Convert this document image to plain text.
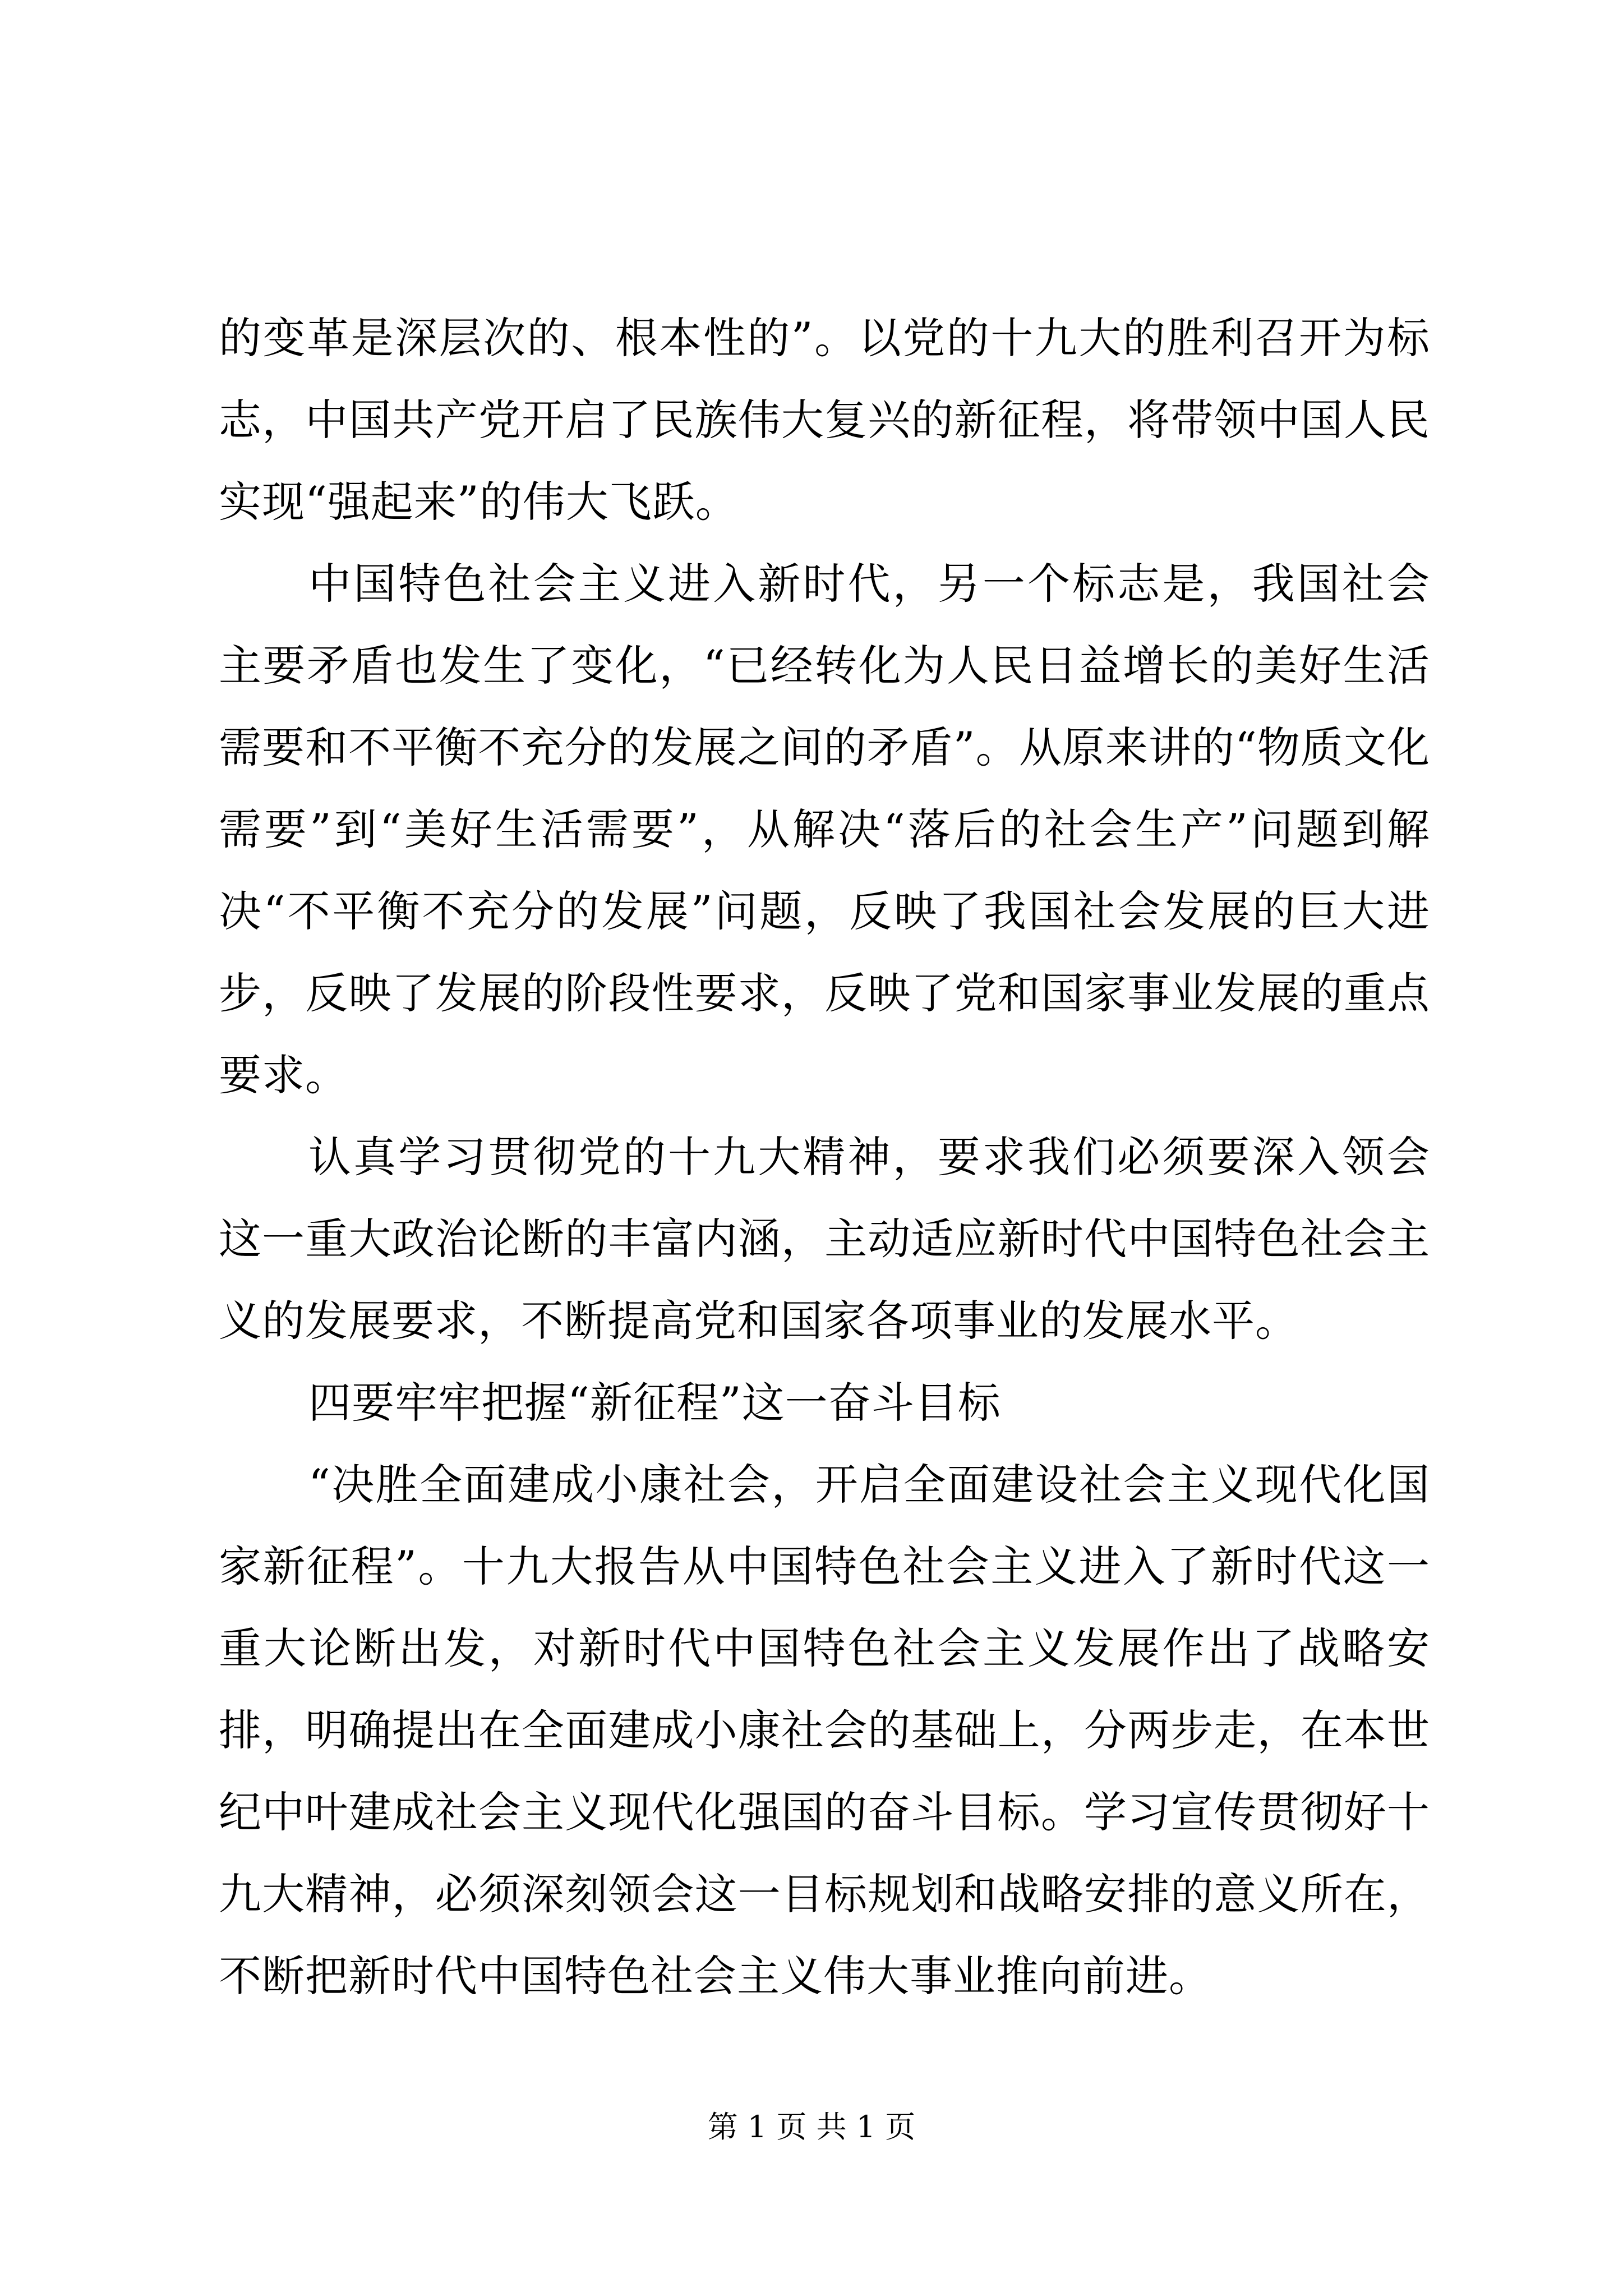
的变革是深层次的、根本性的”。以党的十九大的胜利召开为标志，中国共产党开启了民族伟大复兴的新征程，将带领中国人民实现“强起来”的伟大飞跃。

中国特色社会主义进入新时代，另一个标志是，我国社会主要矛盾也发生了变化，“已经转化为人民日益增长的美好生活需要和不平衡不充分的发展之间的矛盾”。从原来讲的“物质文化需要”到“美好生活需要”，从解决“落后的社会生产”问题到解决“不平衡不充分的发展”问题，反映了我国社会发展的巨大进步，反映了发展的阶段性要求，反映了党和国家事业发展的重点要求。

认真学习贯彻党的十九大精神，要求我们必须要深入领会这一重大政治论断的丰富内涵，主动适应新时代中国特色社会主义的发展要求，不断提高党和国家各项事业的发展水平。

四要牢牢把握“新征程”这一奋斗目标

“决胜全面建成小康社会，开启全面建设社会主义现代化国家新征程”。十九大报告从中国特色社会主义进入了新时代这一重大论断出发，对新时代中国特色社会主义发展作出了战略安排，明确提出在全面建成小康社会的基础上，分两步走，在本世纪中叶建成社会主义现代化强国的奋斗目标。学习宣传贯彻好十九大精神，必须深刻领会这一目标规划和战略安排的意义所在，不断把新时代中国特色社会主义伟大事业推向前进。

第 1 页 共 1 页
